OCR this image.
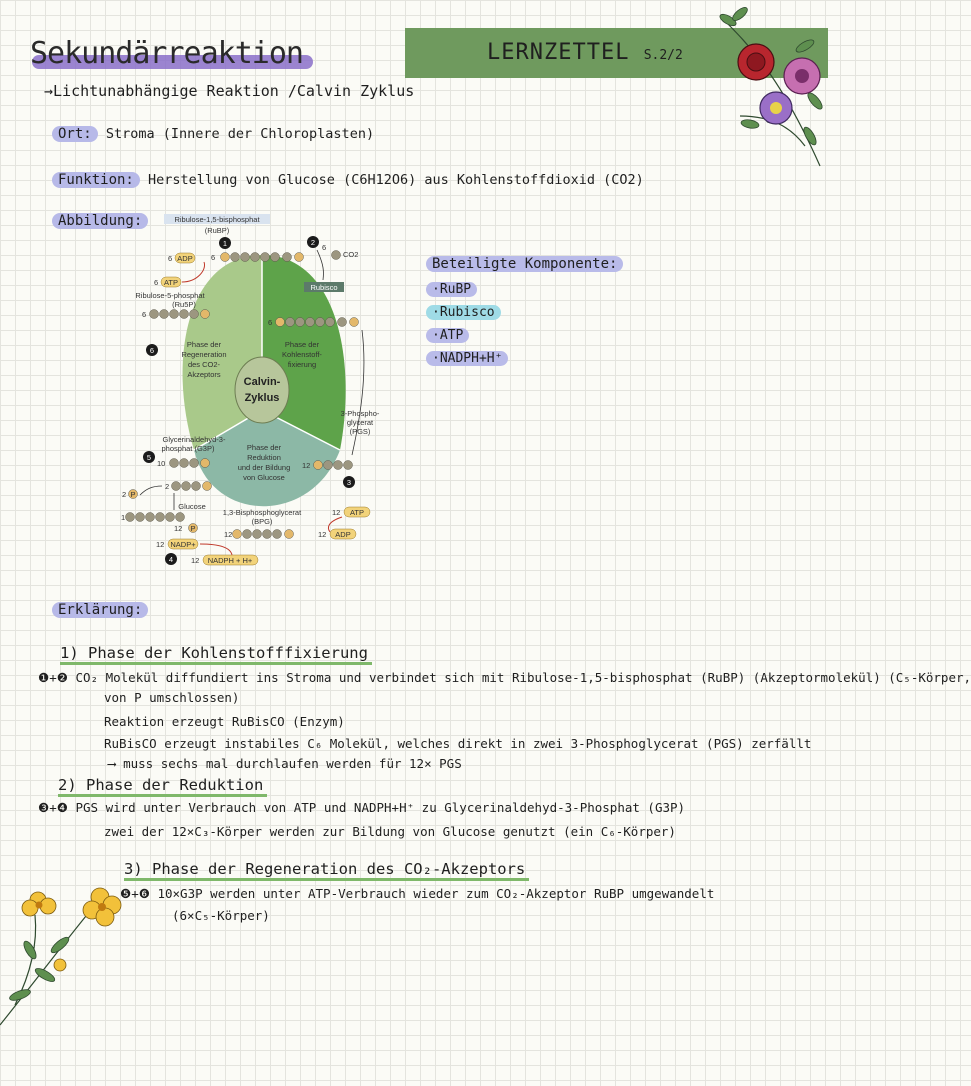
Sekundärreaktion
→Lichtunabhängige Reaktion /Calvin Zyklus
LERNZETTEL S.2/2
Ort: Stroma (Innere der Chloroplasten)
Funktion: Herstellung von Glucose (C6H12O6) aus Kohlenstoffdioxid (CO2)
Abbildung:
Calvin-
Zyklus
Phase der
Regeneration
des CO2-
Akzeptors
Phase der
Kohlenstoff-
fixierung
Phase der
Reduktion
und der Bildung
von Glucose
Ribulose-1,5-bisphosphat
(RuBP)
1	2
3
4
5
6
6
6 ADP
6 ATP
Ribulose-5-phosphat
(Ru5P)
6
6
CO2
Rubisco
6
3-Phospho-
glycerat
(PGS)
12
12 ATP
12 ADP
1,3-Bisphosphoglycerat
(BPG)
12
12 NADP+
12 NADPH + H+
Glucose
1
12 P
2 P
2
Glycerinaldehyd-3-
phosphat (G3P)
10
Beteiligte Komponente:
·RuBP
·Rubisco
·ATP
·NADPH+H⁺
Erklärung:
1) Phase der Kohlenstofffixierung
❶+❷ CO₂ Molekül diffundiert ins Stroma und verbindet sich mit Ribulose-1,5-bisphosphat (RuBP) (Akzeptormolekül) (C₅-Körper,
von P umschlossen)
Reaktion erzeugt RuBisCO (Enzym)
RuBisCO erzeugt instabiles C₆ Molekül, welches direkt in zwei 3-Phosphoglycerat (PGS) zerfällt
⟶ muss sechs mal durchlaufen werden für 12× PGS
2) Phase der Reduktion
❸+❹ PGS wird unter Verbrauch von ATP und NADPH+H⁺ zu Glycerinaldehyd-3-Phosphat (G3P)
zwei der 12×C₃-Körper werden zur Bildung von Glucose genutzt (ein C₆-Körper)
3) Phase der Regeneration des CO₂-Akzeptors
❺+❻ 10×G3P werden unter ATP-Verbrauch wieder zum CO₂-Akzeptor RuBP umgewandelt
(6×C₅-Körper)
